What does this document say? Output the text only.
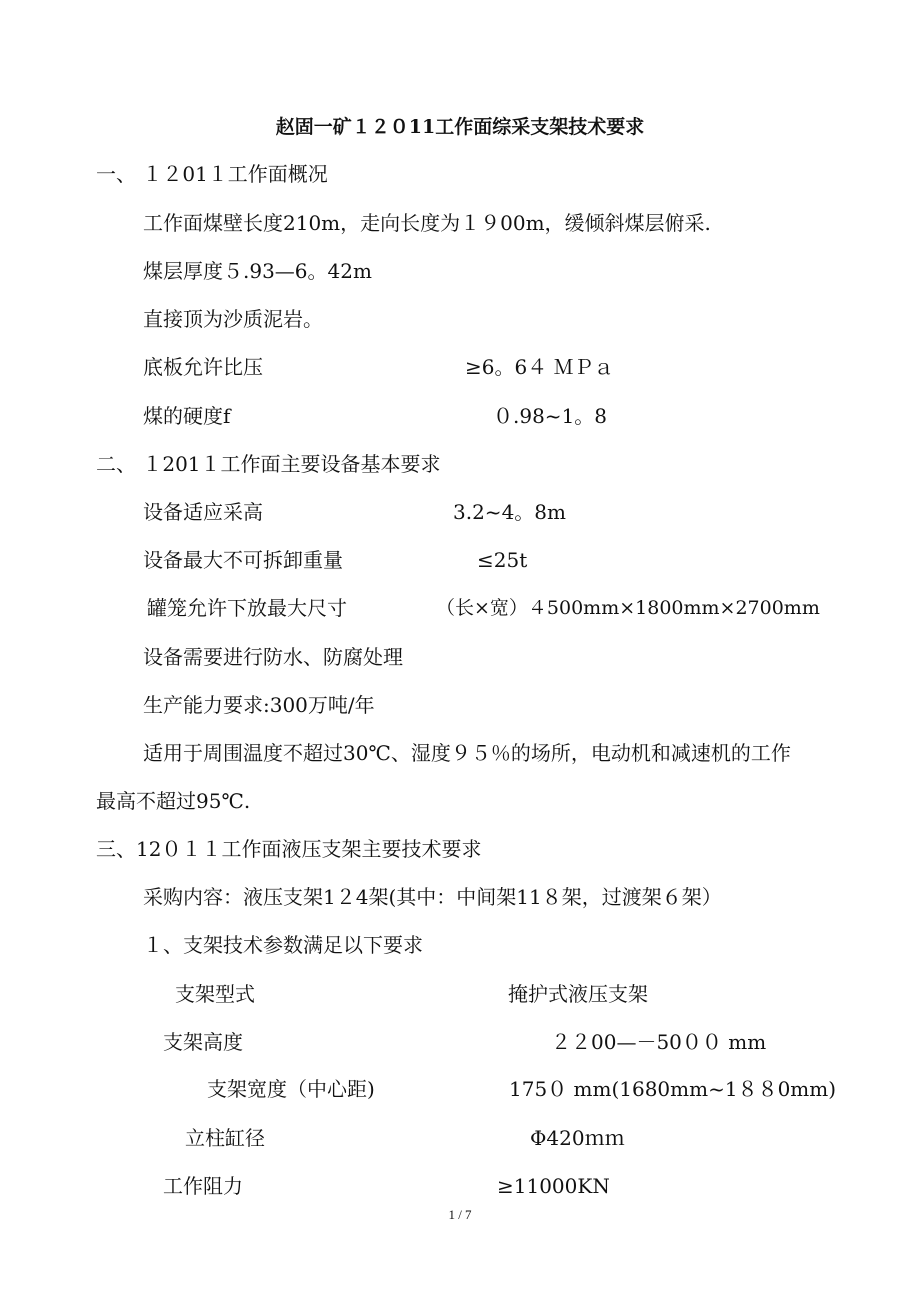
赵固一矿１２０11工作面综采支架技术要求
一、 １２01１工作面概况
工作面煤壁长度210m，走向长度为１９00m，缓倾斜煤层俯采.
煤层厚度５.93—6。42m
直接顶为沙质泥岩。
底板允许比压	≥6。6４ ＭＰａ
煤的硬度f	０.98~1。8
二、 １201１工作面主要设备基本要求
设备适应采高	3.2~4。8m
设备最大不可拆卸重量	≤25t
罐笼允许下放最大尺寸	（长×宽）４500mm×1800mm×2700mm
设备需要进行防水、防腐处理
生产能力要求:300万吨/年
适用于周围温度不超过30℃、湿度９５％的场所，电动机和减速机的工作
最高不超过95℃.
三、12０１１工作面液压支架主要技术要求
采购内容：液压支架1２4架(其中：中间架11８架，过渡架６架）
１、支架技术参数满足以下要求
支架型式	掩护式液压支架
支架高度	２２00—－50００ mm
支架宽度（中心距)	175０ mm(1680mm~1８８0mm)
立柱缸径	Φ420ｍｍ
工作阻力	≥11000KN
1 / 7
